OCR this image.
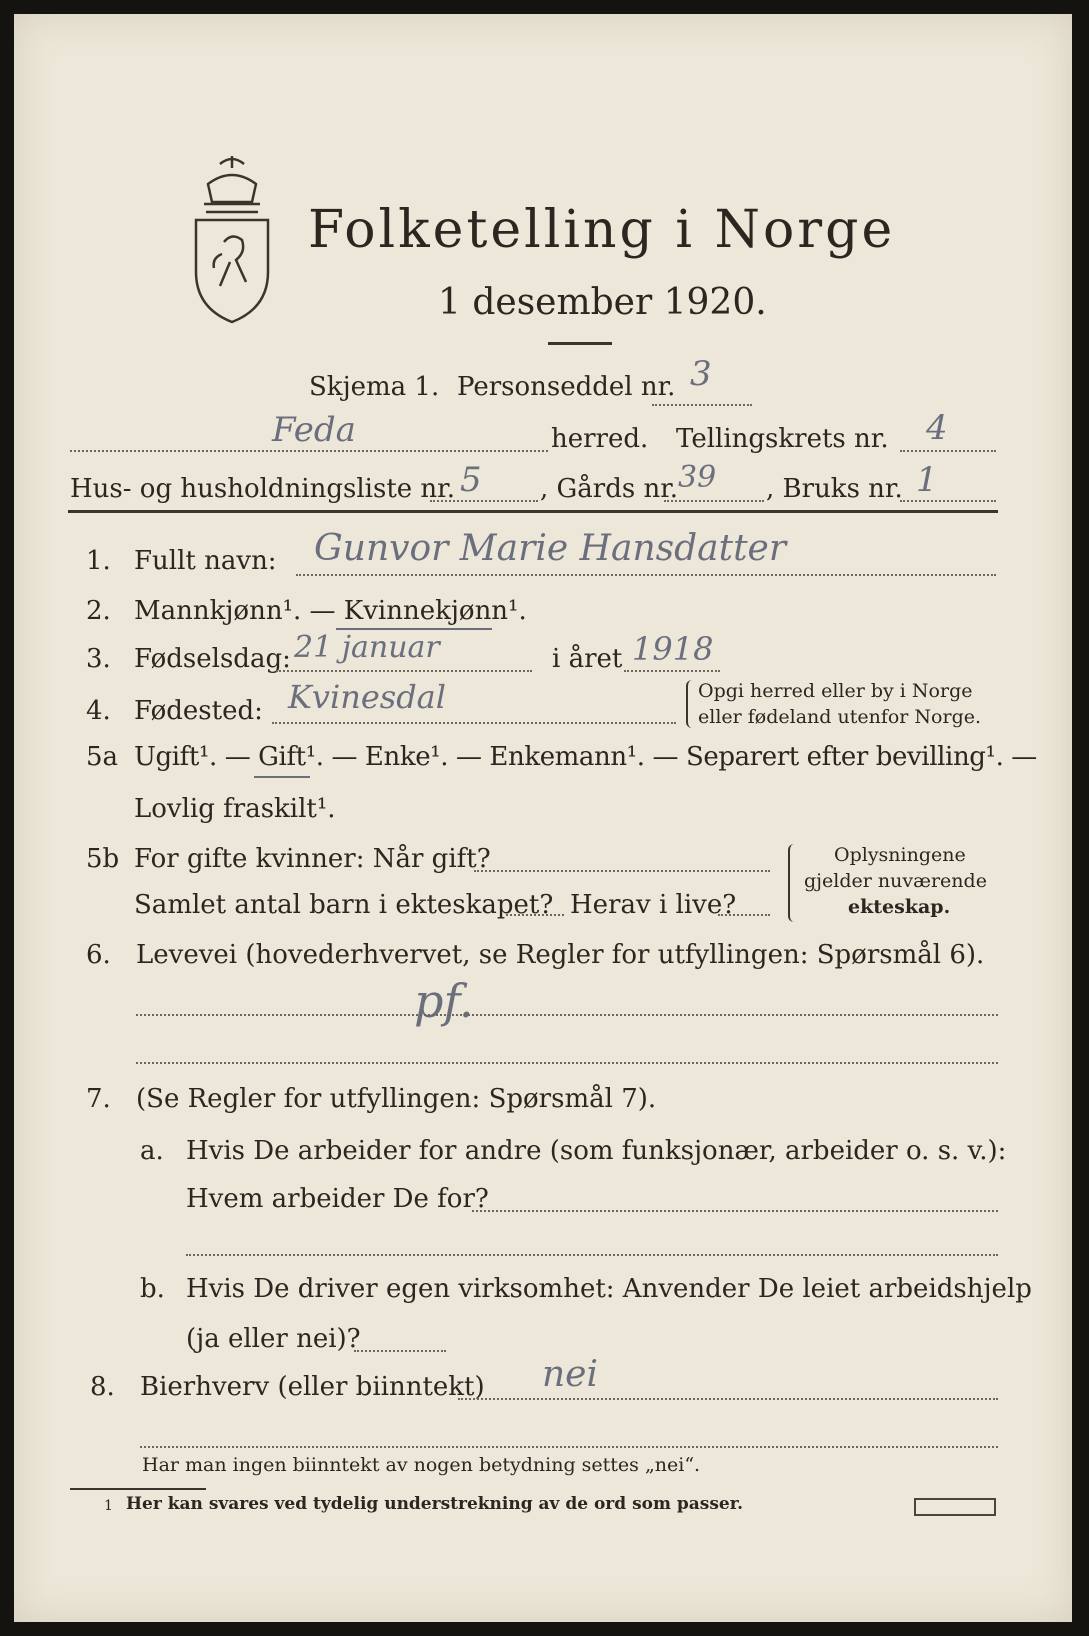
Folketelling i Norge
1 desember 1920.
Skjema 1. Personseddel nr. 3
Feda	herred. Tellingskrets nr. 4
Hus- og husholdningsliste nr. 5 , Gårds nr. 39 , Bruks nr. 1
1. Fullt navn: Gunvor Marie Hansdatter
2. Mannkjønn¹. — Kvinnekjønn¹.
3. Fødselsdag: 21 januar	i året 1918
4. Fødested: Kvinesdal	Opgi herred eller by i Norge
eller fødeland utenfor Norge.
5a Ugift¹. — Gift¹. — Enke¹. — Enkemann¹. — Separert efter bevilling¹. —
Lovlig fraskilt¹.
5b For gifte kvinner: Når gift?
Samlet antal barn i ekteskapet? Herav i live?
Oplysningene
gjelder nuværende
ekteskap.
6. Levevei (hovederhvervet, se Regler for utfyllingen: Spørsmål 6).
pf.
7. (Se Regler for utfyllingen: Spørsmål 7).
a. Hvis De arbeider for andre (som funksjonær, arbeider o. s. v.):
Hvem arbeider De for?
b. Hvis De driver egen virksomhet: Anvender De leiet arbeidshjelp
(ja eller nei)?
8. Bierhverv (eller biinntekt) nei
Har man ingen biinntekt av nogen betydning settes „nei“.
1 Her kan svares ved tydelig understrekning av de ord som passer.
